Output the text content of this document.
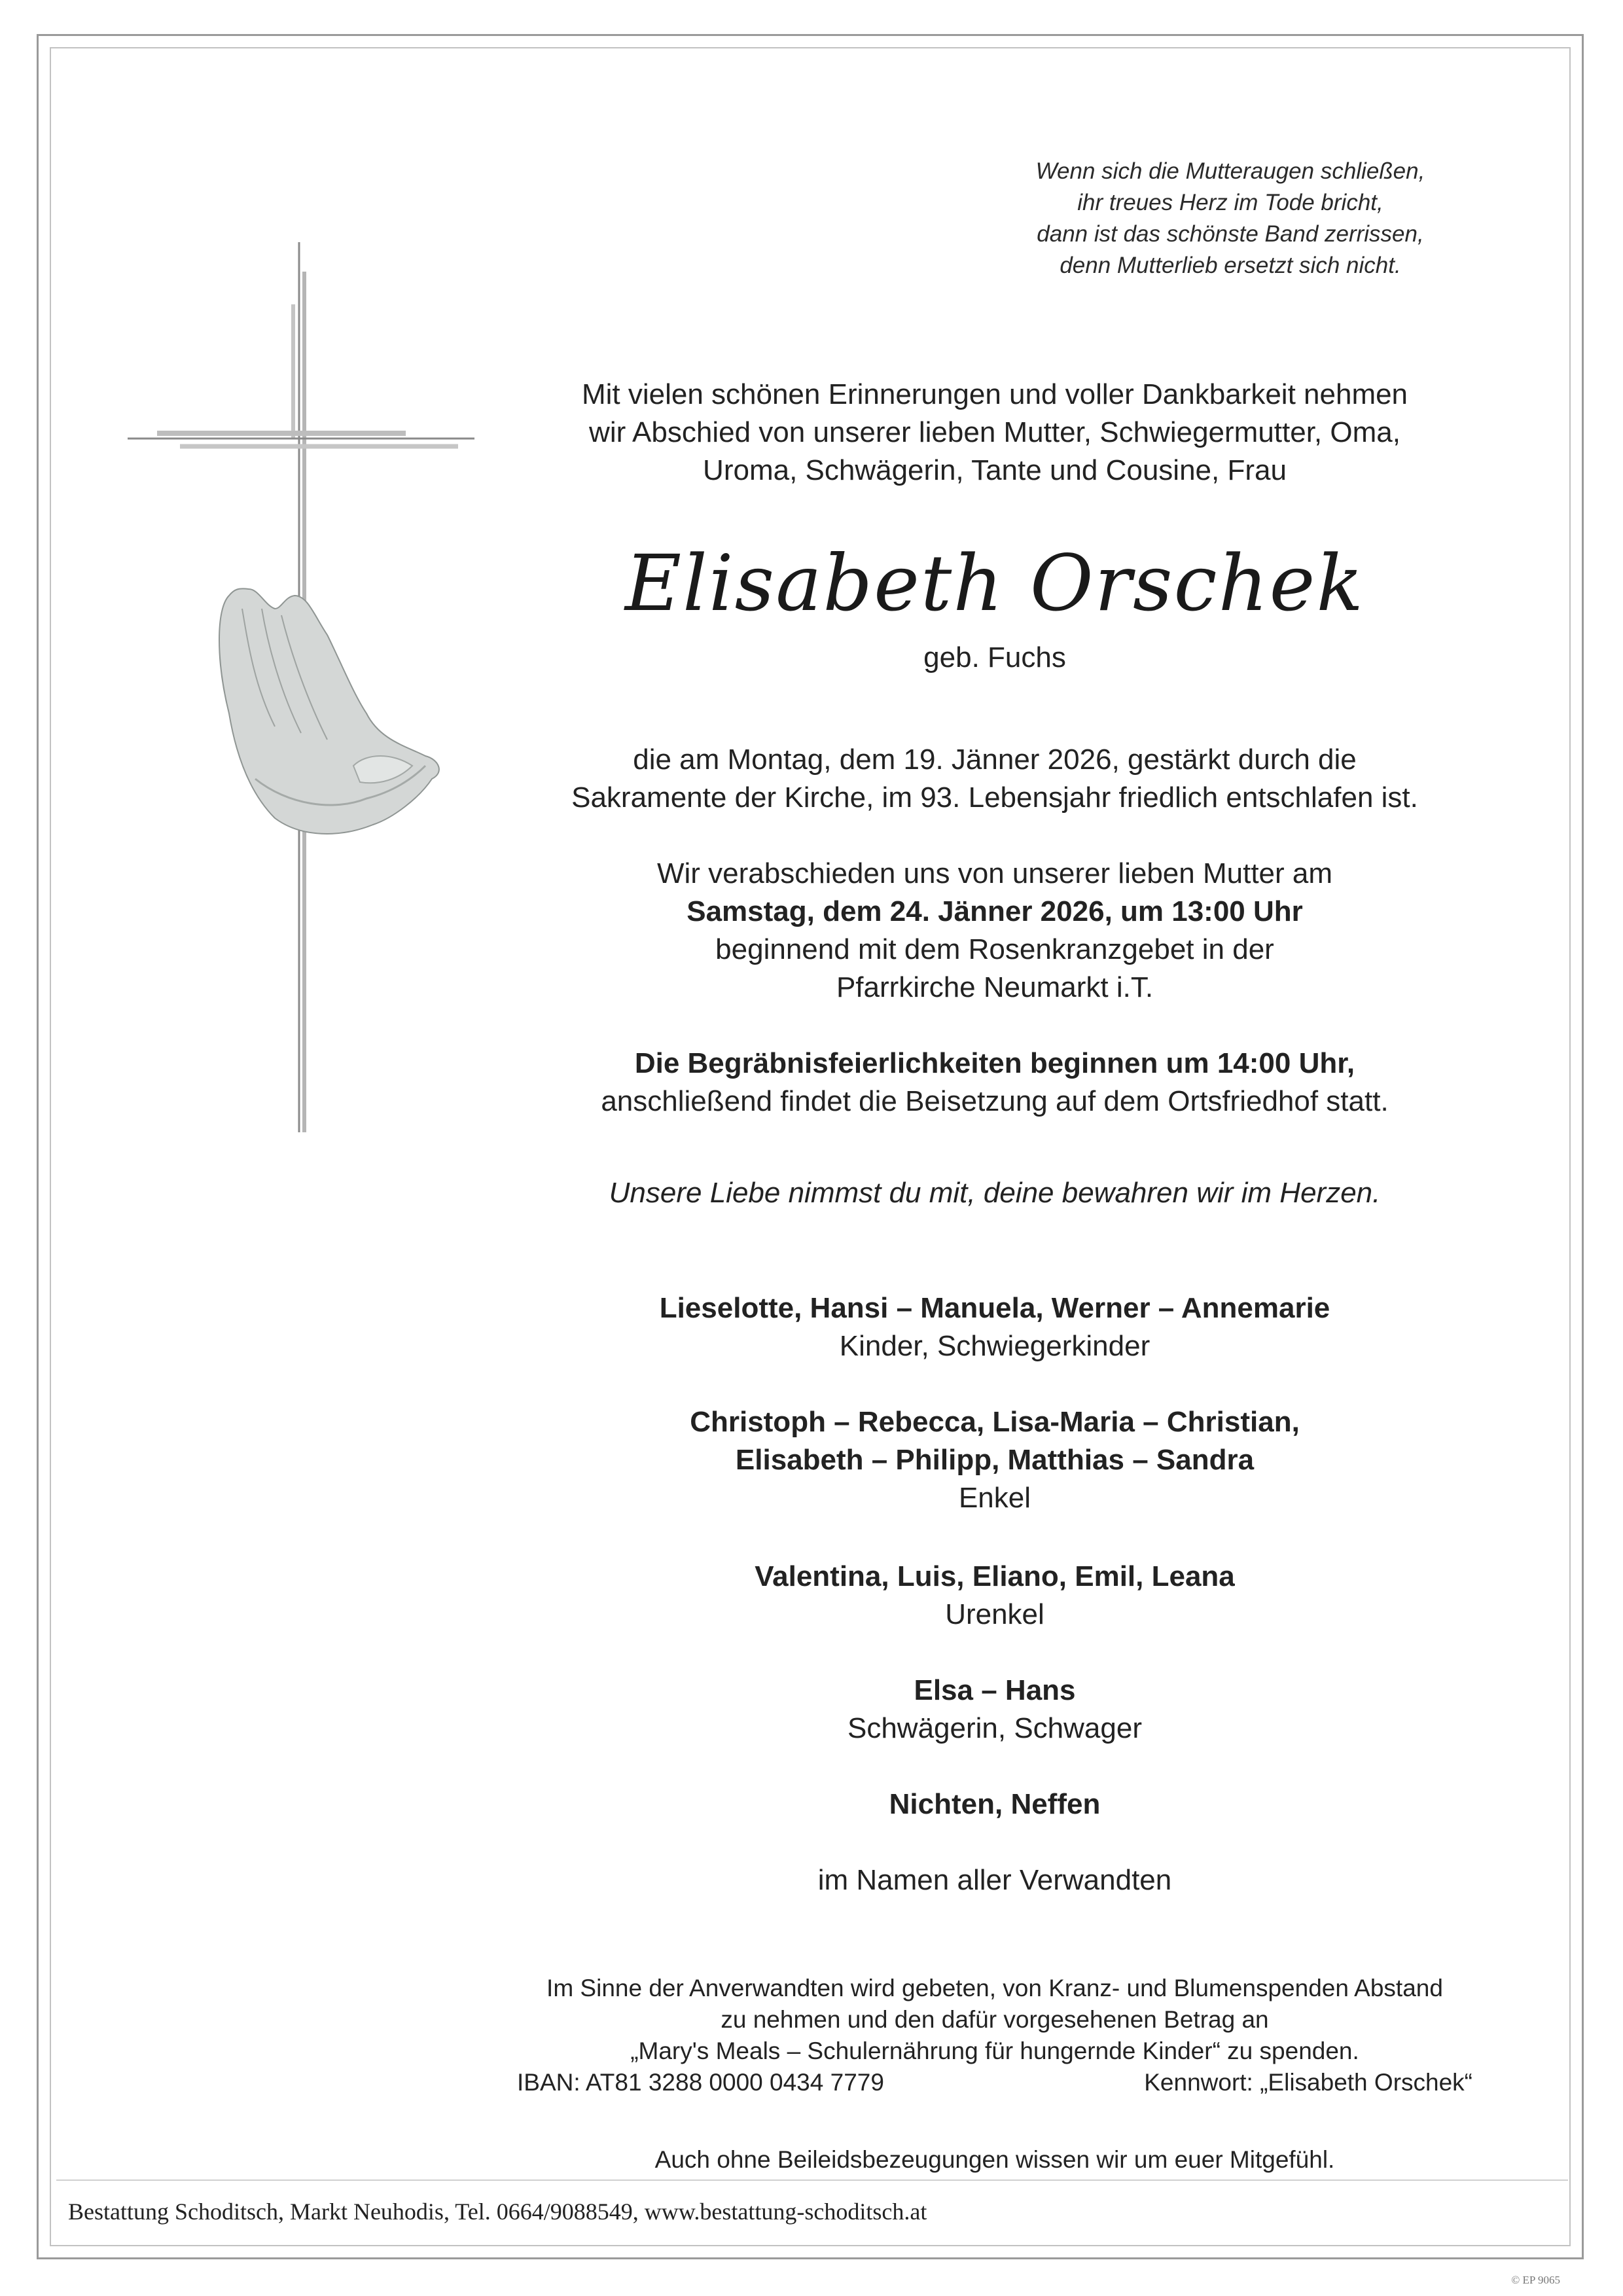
Wenn sich die Mutteraugen schließen,
ihr treues Herz im Tode bricht,
dann ist das schönste Band zerrissen,
denn Mutterlieb ersetzt sich nicht.

Mit vielen schönen Erinnerungen und voller Dankbarkeit nehmen

wir Abschied von unserer lieben Mutter, Schwiegermutter, Oma,

Uroma, Schwägerin, Tante und Cousine, Frau

Elisabeth Orschek
geb. Fuchs

die am Montag, dem 19. Jänner 2026, gestärkt durch die

Sakramente der Kirche, im 93. Lebensjahr friedlich entschlafen ist.

Wir verabschieden uns von unserer lieben Mutter am

Samstag, dem 24. Jänner 2026, um 13:00 Uhr

beginnend mit dem Rosenkranzgebet in der

Pfarrkirche Neumarkt i.T.

Die Begräbnisfeierlichkeiten beginnen um 14:00 Uhr,

anschließend findet die Beisetzung auf dem Ortsfriedhof statt.

Unsere Liebe nimmst du mit, deine bewahren wir im Herzen.

Lieselotte, Hansi – Manuela, Werner – Annemarie

Kinder, Schwiegerkinder

Christoph – Rebecca, Lisa-Maria – Christian,

Elisabeth – Philipp, Matthias – Sandra

Enkel

Valentina, Luis, Eliano, Emil, Leana

Urenkel

Elsa – Hans

Schwägerin, Schwager

Nichten, Neffen
im Namen aller Verwandten
Im Sinne der Anverwandten wird gebeten, von Kranz- und Blumenspenden Abstand
zu nehmen und den dafür vorgesehenen Betrag an
„Mary's Meals – Schulernährung für hungernde Kinder“ zu spenden.
IBAN: AT81 3288 0000 0434 7779	Kennwort: „Elisabeth Orschek“
Auch ohne Beileidsbezeugungen wissen wir um euer Mitgefühl.
Bestattung Schoditsch, Markt Neuhodis, Tel. 0664/9088549, www.bestattung-schoditsch.at
© EP 9065
